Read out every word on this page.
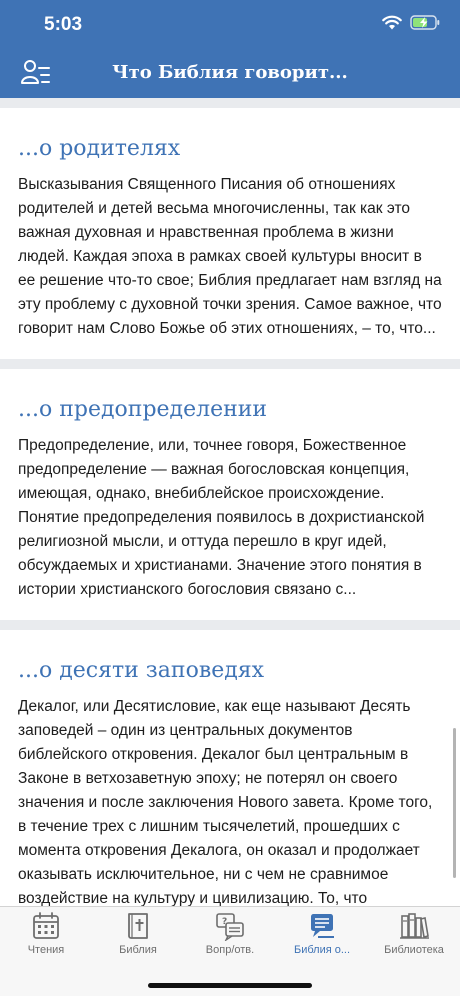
5:03
Что Библия говорит...
...о родителях
Высказывания Священного Писания об отношениях родителей и детей весьма многочисленны, так как это важная духовная и нравственная проблема в жизни людей. Каждая эпоха в рамках своей культуры вносит в ее решение что-то свое; Библия предлагает нам взгляд на эту проблему с духовной точки зрения. Самое важное, что говорит нам Слово Божье об этих отношениях, – то, что...
...о предопределении
Предопределение, или, точнее говоря, Божественное предопределение — важная богословская концепция, имеющая, однако, внебиблейское происхождение. Понятие предопределения появилось в дохристианской религиозной мысли, и оттуда перешло в круг идей, обсуждаемых и христианами. Значение этого понятия в истории христианского богословия связано с...
...о десяти заповедях
Декалог, или Десятисловие, как еще называют Десять заповедей – один из центральных документов библейского откровения. Декалог был центральным в Законе в ветхозаветную эпоху; не потерял он своего значения и после заключения Нового завета. Кроме того, в течение трех с лишним тысячелетий, прошедших с момента откровения Декалога, он оказал и продолжает оказывать исключительное, ни с чем не сравнимое воздействие на культуру и цивилизацию. То, что
Чтения	Библия
?
Вопр/отв.	Библия о...	Библиотека
